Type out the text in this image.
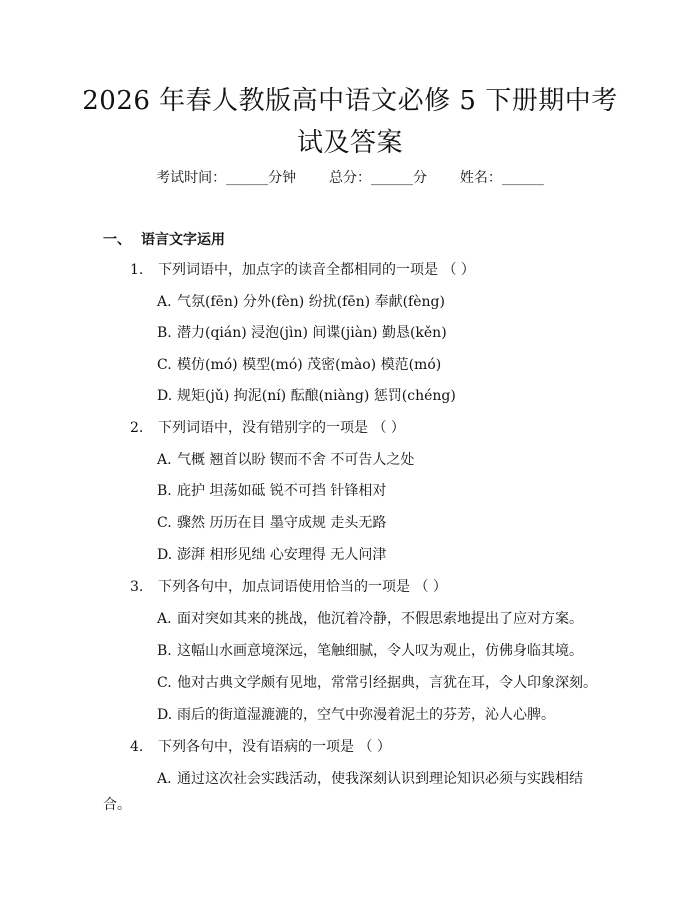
2026 年春人教版高中语文必修 5 下册期中考
试及答案
考试时间：______分钟 总分：______分 姓名：______
一、 语言文字运用
1. 下列词语中，加点字的读音全都相同的一项是 （ ）
A. 气氛(fēn) 分外(fèn) 纷扰(fēn) 奉献(fèng)
B. 潜力(qián) 浸泡(jìn) 间谍(jiàn) 勤恳(kěn)
C. 模仿(mó) 模型(mó) 茂密(mào) 模范(mó)
D. 规矩(jǔ) 拘泥(ní) 酝酿(niàng) 惩罚(chéng)
2. 下列词语中，没有错别字的一项是 （ ）
A. 气概 翘首以盼 锲而不舍 不可告人之处
B. 庇护 坦荡如砥 锐不可挡 针锋相对
C. 骤然 历历在目 墨守成规 走头无路
D. 澎湃 相形见绌 心安理得 无人问津
3. 下列各句中，加点词语使用恰当的一项是 （ ）
A. 面对突如其来的挑战，他沉着冷静，不假思索地提出了应对方案。
B. 这幅山水画意境深远，笔触细腻，令人叹为观止，仿佛身临其境。
C. 他对古典文学颇有见地，常常引经据典，言犹在耳，令人印象深刻。
D. 雨后的街道湿漉漉的，空气中弥漫着泥土的芬芳，沁人心脾。
4. 下列各句中，没有语病的一项是 （ ）
A. 通过这次社会实践活动，使我深刻认识到理论知识必须与实践相结合。
